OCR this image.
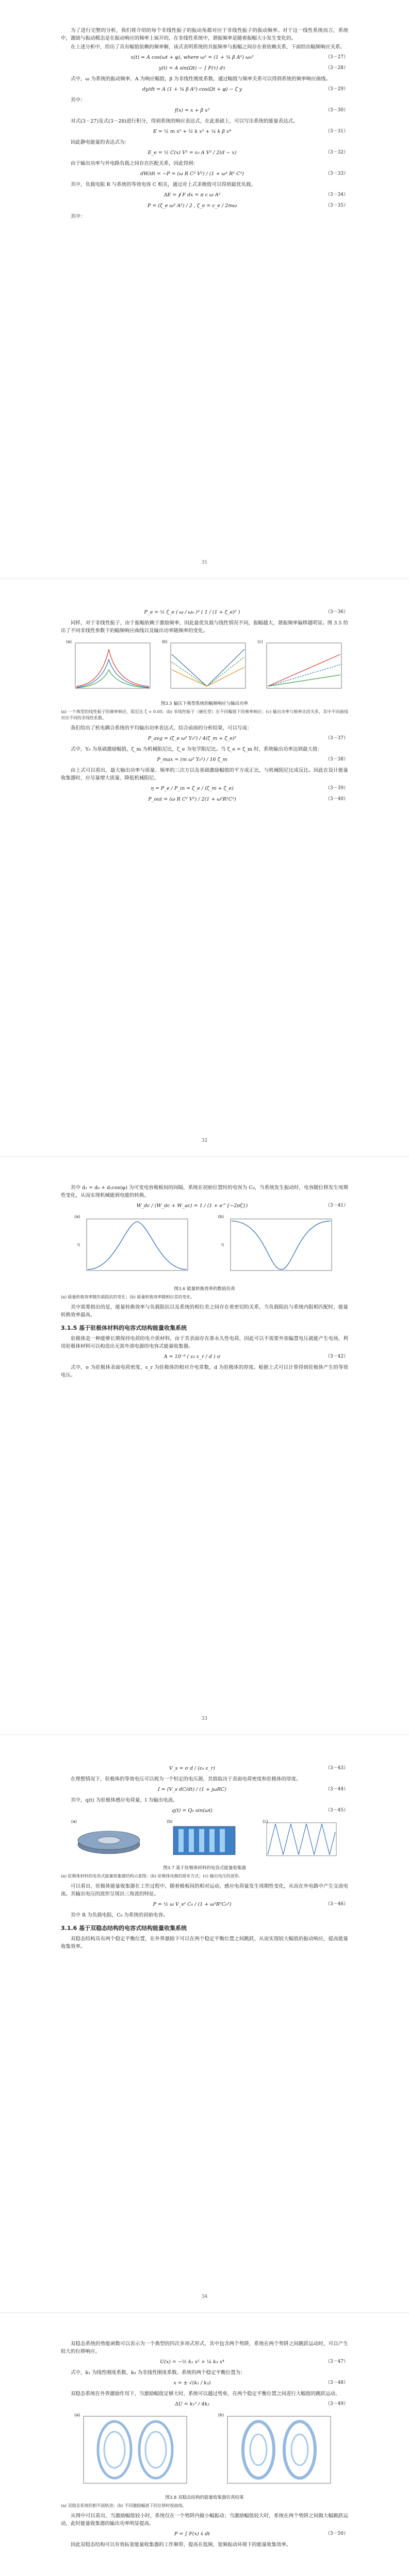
为了进行完整的分析，我们将介绍的每个非线性振子的振动角都对应于非线性振子的振动频率。对于这一线性系统而言，系统中，激励与振动模态是在振动响应的频率上展开的，在非线性系统中，谐振频率是随着振幅大小发生变化的。

在上述分析中，给出了具有幅值依赖的频率解，该式表明系统的共振频率与振幅之间存在着依赖关系，下面给出幅频响应关系。

x(t) ≈ A cos(ωt + φ), where ω² = (1 + ¾ β A²) ω₀²	（3－27）
y(t) = A sin(Ωt) − ∫ F(τ) dτ	（3－28）

式中，ω 为系统的振动频率，A 为响应幅值，β 为非线性刚度系数，通过幅值与频率关系可以得到系统的频率响应曲线。

dy/dt = A (1 + ¾ β A²) cos(Ωt + φ) − ζ y	（3－29）

其中：

f(x) = x + β x³	（3－30）

对式(3－27)及式(3－28)进行积分，得到系统的响应表达式，在此基础上，可以写出系统的能量表达式。

E = ½ m ẋ² + ½ k x² + ¼ k β x⁴	（3－31）

因此静电能量的表达式为：

E_e = ½ C(x) V² = ε₀ A V² / 2(d − x)	（3－32）

由于输出功率与外电路负载之间存在匹配关系，因此得到：

dW/dt = −P = (ω R C² V²) / (1 + ω² R² C²)	（3－33）

其中，负载电阻 R 与系统的等效电容 C 相关，通过对上式求极值可以得到最优负载。

ΔE = ∮ F dx = π c ω A²	（3－34）
P = (ζ_e ω³ A²) / 2 , ζ_e = c_e / 2mω	（3－35）

其中：

31
P_e = ½ ζ_e ( ω / ω₀ )³ ( 1 / (1 + ζ_e)² )	（3－36）

同样，对于非线性振子，由于振幅依赖于激励频率，因此最优负载与线性情况不同，振幅越大，谐振频率偏移越明显。图 3.5 给出了不同非线性参数下的幅频响应曲线以及输出功率随频率的变化。

(a)	(b)	(c)
图3.5 偏压下典型系统的幅频响应与输出功率
(a) 一个典型的线性振子的频率响应，阻尼比 ζ = 0.05；(b) 非线性振子（硬化型）在不同幅值下的频率响应；(c) 输出功率与频率比的关系，其中不同曲线对应不同的非线性系数。

我们给出了机电耦合系统的平均输出功率表达式，结合前面的分析结果，可以写成：

P_avg = (ζ_e ω³ Y₀²) / 4(ζ_m + ζ_e)²	（3－37）

式中，Y₀ 为基础激励幅值，ζ_m 为机械阻尼比，ζ_e 为电学阻尼比。当 ζ_e = ζ_m 时，系统输出功率达到最大值：

P_max = (m ω³ Y₀²) / 16 ζ_m	（3－38）

由上式可以看出，最大输出功率与质量、频率的三次方以及基础激励幅值的平方成正比，与机械阻尼比成反比。因此在设计能量收集器时，应尽量增大质量、降低机械阻尼。

η = P_e / P_in = ζ_e / (ζ_m + ζ_e)	（3－39）
P_out = (ω R C² V²) / 2(1 + ω²R²C²)	（3－40）
32

其中 d₁ = d₀ + d₁cos(φ) 为可变电容极板间的间隔，系统在初始位置时的电容为 C₀，当系统发生振动时，电容随位移发生周期性变化，从而实现机械能到电能的转换。

W_dc / (W_dc + W_ac) = 1 / (1 + e^{−2πζ})	（3－41）
(a)
η
(b)
η
图3.6 能量转换效率的数值仿真
(a) 能量转换效率随负载阻抗的变化；(b) 能量转换效率随相位差的变化。

其中需要指出的是，能量转换效率与负载阻抗以及系统的相位差之间存在着密切的关系，当负载阻抗与系统内阻相匹配时，能量转换效率最高。

3.1.5 基于驻极体材料的电容式结构能量收集系统

驻极体是一种能够长期保持电荷的电介质材料，由于其表面存在准永久性电荷，因此可以不需要外加偏置电压就能产生电场，利用驻极体材料可以构造出无需外部电源的电容式能量收集器。

A = 10⁻⁹ ( ε₀ ε_r / d ) σ	（3－42）

式中，σ 为驻极体表面电荷密度，ε_r 为驻极体的相对介电常数，d 为驻极体的厚度。根据上式可以计算得到驻极体产生的等效电压。

33
V_s = σ d / (ε₀ ε_r)	（3－43）

在理想情况下，驻极体的等效电压可以视为一个恒定的电压源，其值取决于表面电荷密度和驻极体的厚度。

I = (V_s dC/dt) / (1 + jωRC)	（3－44）

其中，q(t) 为驻极体感应电荷量，I 为输出电流。

q(t) = Q₀ sin(ωt)	（3－45）
(a)	(b)	(c)
图3.7 基于驻极体材料的电容式能量收集器
(a) 驻极体材料的电容式能量收集器结构示意图；(b) 驻极体电极的排布方式；(c) 输出电压的波形。

可以看出，驻极体能量收集器在工作过程中，随着极板间的相对运动，感应电荷量发生周期性变化，从而在外电路中产生交流电流。其输出电压的波形呈现出三角波的特征。

P = ½ ω V_s² C₀ / (1 + ω²R²C₀²)	（3－46）

其中 R 为负载电阻，C₀ 为系统的初始电容。

3.1.6 基于双稳态结构的电容式结构能量收集系统

双稳态结构具有两个稳定平衡位置，在外界激励下可以在两个稳定平衡位置之间跳跃，从而实现较大幅值的振动响应，提高能量收集效率。

34

双稳态系统的势能函数可以表示为一个典型的四次多项式形式，其中包含两个势阱，系统在两个势阱之间跳跃运动时，可以产生较大的位移响应。

U(x) = −½ k₁ x² + ¼ k₃ x⁴	（3－47）

式中，k₁ 为线性刚度系数，k₃ 为非线性刚度系数。系统的两个稳定平衡位置为：

x = ± √(k₁ / k₃)	（3－48）

双稳态系统在外界激励作用下，当激励幅值足够大时，系统可以越过势垒，在两个稳定平衡位置之间进行大幅值的跳跃运动。

ΔU = k₁² / 4k₃	（3－49）
(a)	(b)
图3.8 双稳态结构的能量收集器仿真结果
(a) 双稳态系统的相平面轨迹；(b) 不同激励幅值下的位移时程曲线。

从图中可以看出，当激励幅值较小时，系统仅在一个势阱内做小幅振动；当激励幅值较大时，系统在两个势阱之间做大幅跳跃运动，此时能量收集器的输出功率明显提高。

P = ∫ F(x) ẋ dt	（3－50）

因此双稳态结构可以有效拓宽能量收集器的工作频带，提高在低频、宽频振动环境下的能量收集效率。
